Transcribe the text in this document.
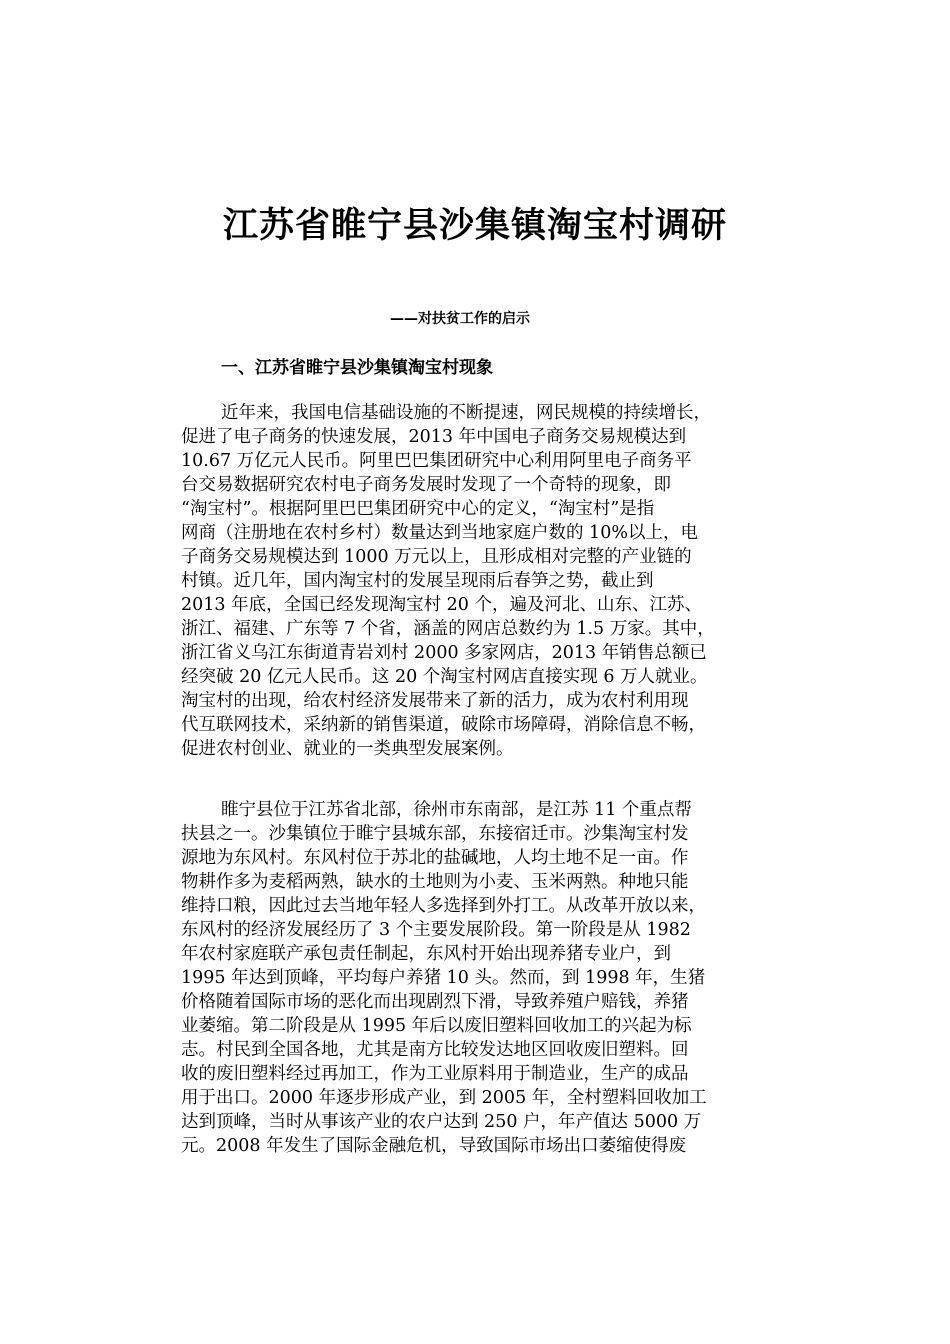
江苏省睢宁县沙集镇淘宝村调研
——对扶贫工作的启示
一、江苏省睢宁县沙集镇淘宝村现象
近年来，我国电信基础设施的不断提速，网民规模的持续增长，
促进了电子商务的快速发展，2013 年中国电子商务交易规模达到
10.67 万亿元人民币。阿里巴巴集团研究中心利用阿里电子商务平
台交易数据研究农村电子商务发展时发现了一个奇特的现象，即
“淘宝村”。根据阿里巴巴集团研究中心的定义，“淘宝村”是指
网商（注册地在农村乡村）数量达到当地家庭户数的 10%以上，电
子商务交易规模达到 1000 万元以上，且形成相对完整的产业链的
村镇。近几年，国内淘宝村的发展呈现雨后春笋之势，截止到
2013 年底，全国已经发现淘宝村 20 个，遍及河北、山东、江苏、
浙江、福建、广东等 7 个省，涵盖的网店总数约为 1.5 万家。其中，
浙江省义乌江东街道青岩刘村 2000 多家网店，2013 年销售总额已
经突破 20 亿元人民币。这 20 个淘宝村网店直接实现 6 万人就业。
淘宝村的出现，给农村经济发展带来了新的活力，成为农村利用现
代互联网技术，采纳新的销售渠道，破除市场障碍，消除信息不畅，
促进农村创业、就业的一类典型发展案例。
睢宁县位于江苏省北部，徐州市东南部，是江苏 11 个重点帮
扶县之一。沙集镇位于睢宁县城东部，东接宿迁市。沙集淘宝村发
源地为东风村。东风村位于苏北的盐碱地，人均土地不足一亩。作
物耕作多为麦稻两熟，缺水的土地则为小麦、玉米两熟。种地只能
维持口粮，因此过去当地年轻人多选择到外打工。从改革开放以来，
东风村的经济发展经历了 3 个主要发展阶段。第一阶段是从 1982
年农村家庭联产承包责任制起，东风村开始出现养猪专业户，到
1995 年达到顶峰，平均每户养猪 10 头。然而，到 1998 年，生猪
价格随着国际市场的恶化而出现剧烈下滑，导致养殖户赔钱，养猪
业萎缩。第二阶段是从 1995 年后以废旧塑料回收加工的兴起为标
志。村民到全国各地，尤其是南方比较发达地区回收废旧塑料。回
收的废旧塑料经过再加工，作为工业原料用于制造业，生产的成品
用于出口。2000 年逐步形成产业，到 2005 年，全村塑料回收加工
达到顶峰，当时从事该产业的农户达到 250 户，年产值达 5000 万
元。2008 年发生了国际金融危机，导致国际市场出口萎缩使得废
